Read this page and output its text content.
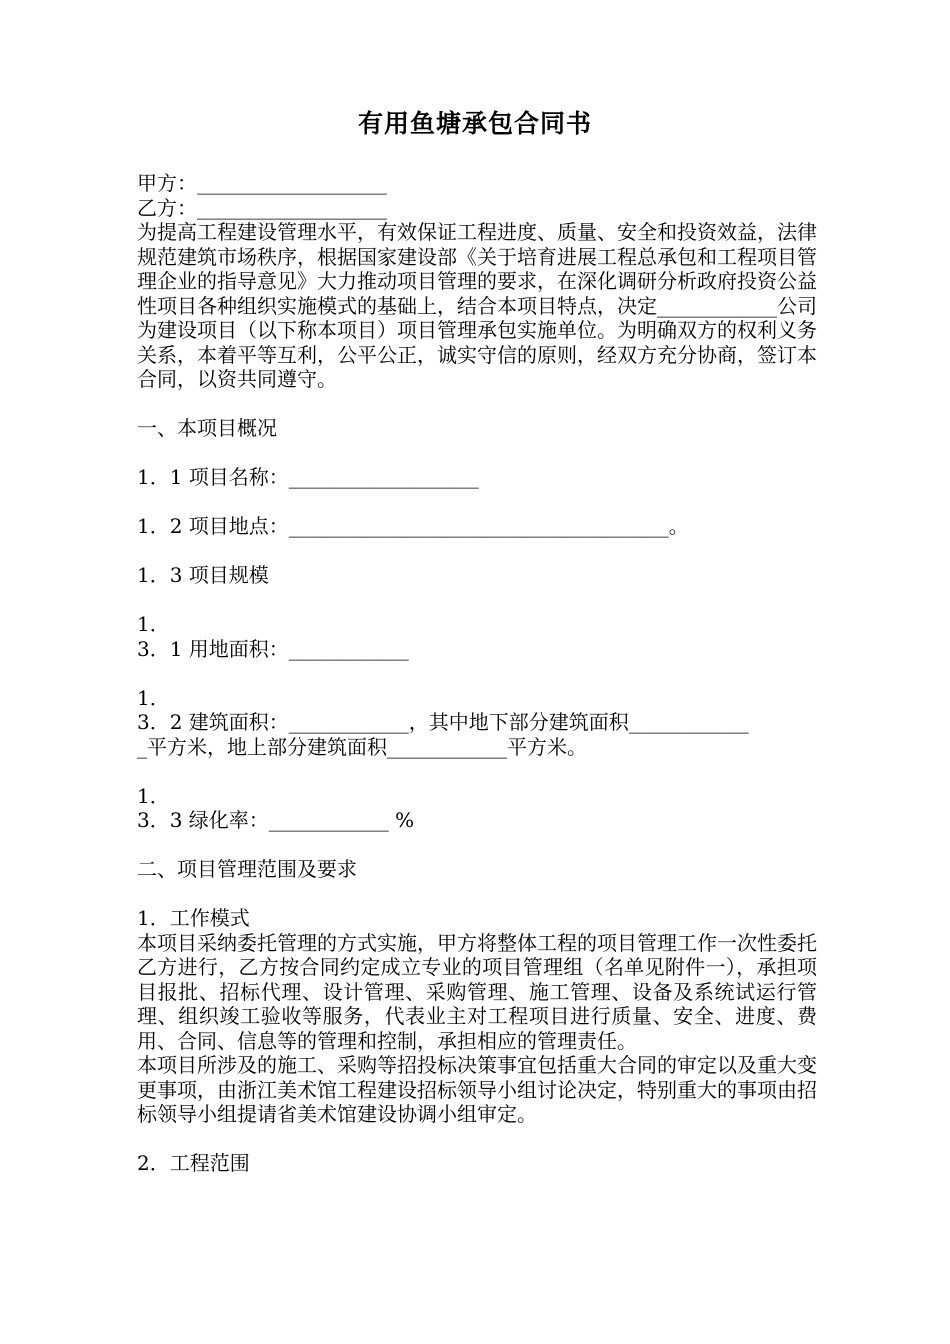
有用鱼塘承包合同书
甲方：___________________
乙方：___________________
为提高工程建设管理水平，有效保证工程进度、质量、安全和投资效益，法律规范建筑市场秩序，根据国家建设部《关于培育进展工程总承包和工程项目管理企业的指导意见》大力推动项目管理的要求，在深化调研分析政府投资公益性项目各种组织实施模式的基础上，结合本项目特点，决定____________公司为建设项目（以下称本项目）项目管理承包实施单位。为明确双方的权利义务关系，本着平等互利，公平公正，诚实守信的原则，经双方充分协商，签订本合同，以资共同遵守。
一、本项目概况
1．1 项目名称：___________________
1．2 项目地点：______________________________________。
1．3 项目规模
1．
3．1 用地面积：____________
1．
3．2 建筑面积：____________，其中地下部分建筑面积____________
_平方米，地上部分建筑面积____________平方米。
1．
3．3 绿化率：____________ %
二、项目管理范围及要求
1．工作模式
本项目采纳委托管理的方式实施，甲方将整体工程的项目管理工作一次性委托乙方进行，乙方按合同约定成立专业的项目管理组（名单见附件一），承担项目报批、招标代理、设计管理、采购管理、施工管理、设备及系统试运行管理、组织竣工验收等服务，代表业主对工程项目进行质量、安全、进度、费用、合同、信息等的管理和控制，承担相应的管理责任。
本项目所涉及的施工、采购等招投标决策事宜包括重大合同的审定以及重大变更事项，由浙江美术馆工程建设招标领导小组讨论决定，特别重大的事项由招标领导小组提请省美术馆建设协调小组审定。
2．工程范围
